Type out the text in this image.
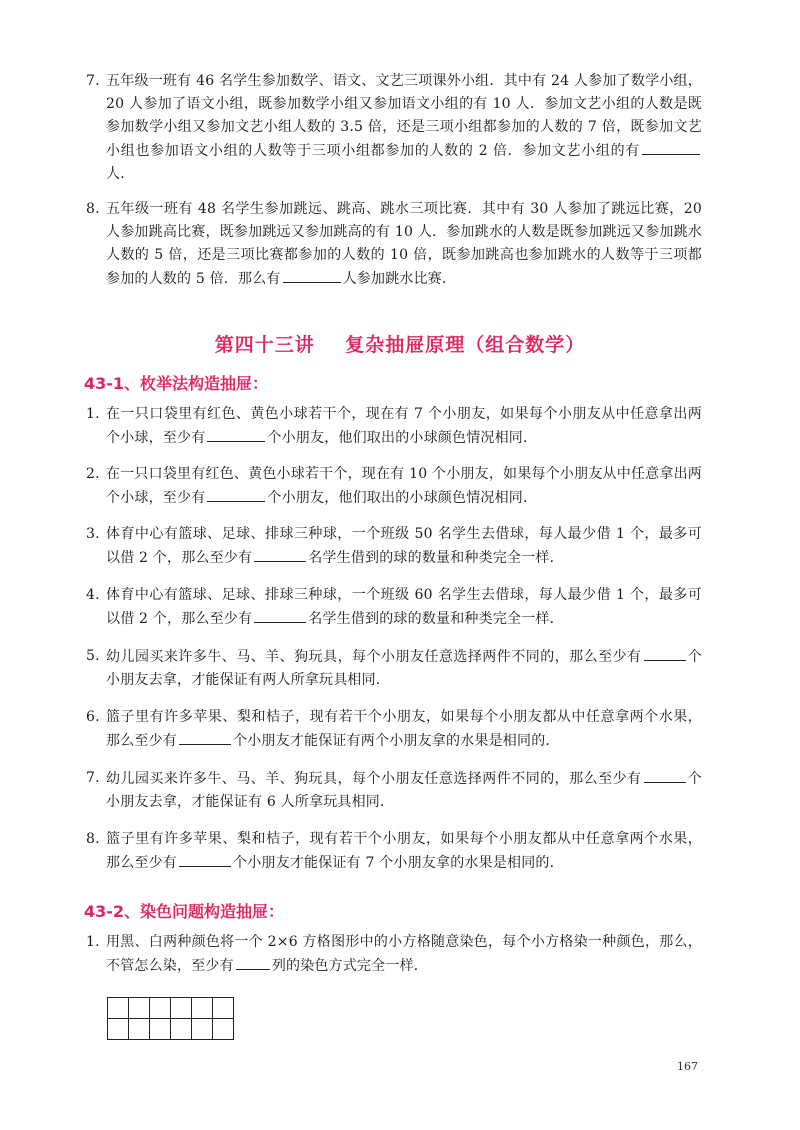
7. 五年级一班有 46 名学生参加数学、语文、文艺三项课外小组．其中有 24 人参加了数学小组，20 人参加了语文小组，既参加数学小组又参加语文小组的有 10 人．参加文艺小组的人数是既参加数学小组又参加文艺小组人数的 3.5 倍，还是三项小组都参加的人数的 7 倍，既参加文艺小组也参加语文小组的人数等于三项小组都参加的人数的 2 倍．参加文艺小组的有人．
8. 五年级一班有 48 名学生参加跳远、跳高、跳水三项比赛．其中有 30 人参加了跳远比赛，20 人参加跳高比赛，既参加跳远又参加跳高的有 10 人．参加跳水的人数是既参加跳远又参加跳水人数的 5 倍，还是三项比赛都参加的人数的 10 倍，既参加跳高也参加跳水的人数等于三项都参加的人数的 5 倍．那么有	人参加跳水比赛．
第四十三讲    复杂抽屉原理（组合数学）
43-1、枚举法构造抽屉：
1. 在一只口袋里有红色、黄色小球若干个，现在有 7 个小朋友，如果每个小朋友从中任意拿出两个小球，至少有	个小朋友，他们取出的小球颜色情况相同．
2. 在一只口袋里有红色、黄色小球若干个，现在有 10 个小朋友，如果每个小朋友从中任意拿出两个小球，至少有	个小朋友，他们取出的小球颜色情况相同．
3. 体育中心有篮球、足球、排球三种球，一个班级 50 名学生去借球，每人最少借 1 个，最多可以借 2 个，那么至少有	名学生借到的球的数量和种类完全一样．
4. 体育中心有篮球、足球、排球三种球，一个班级 60 名学生去借球，每人最少借 1 个，最多可以借 2 个，那么至少有	名学生借到的球的数量和种类完全一样．
5. 幼儿园买来许多牛、马、羊、狗玩具，每个小朋友任意选择两件不同的，那么至少有	个小朋友去拿，才能保证有两人所拿玩具相同．
6. 篮子里有许多苹果、梨和桔子，现有若干个小朋友，如果每个小朋友都从中任意拿两个水果，那么至少有	个小朋友才能保证有两个小朋友拿的水果是相同的．
7. 幼儿园买来许多牛、马、羊、狗玩具，每个小朋友任意选择两件不同的，那么至少有	个小朋友去拿，才能保证有 6 人所拿玩具相同．
8. 篮子里有许多苹果、梨和桔子，现有若干个小朋友，如果每个小朋友都从中任意拿两个水果，那么至少有	个小朋友才能保证有 7 个小朋友拿的水果是相同的．
43-2、染色问题构造抽屉：
1. 用黑、白两种颜色将一个 2×6 方格图形中的小方格随意染色，每个小方格染一种颜色，那么，不管怎么染，至少有	列的染色方式完全一样．
167
